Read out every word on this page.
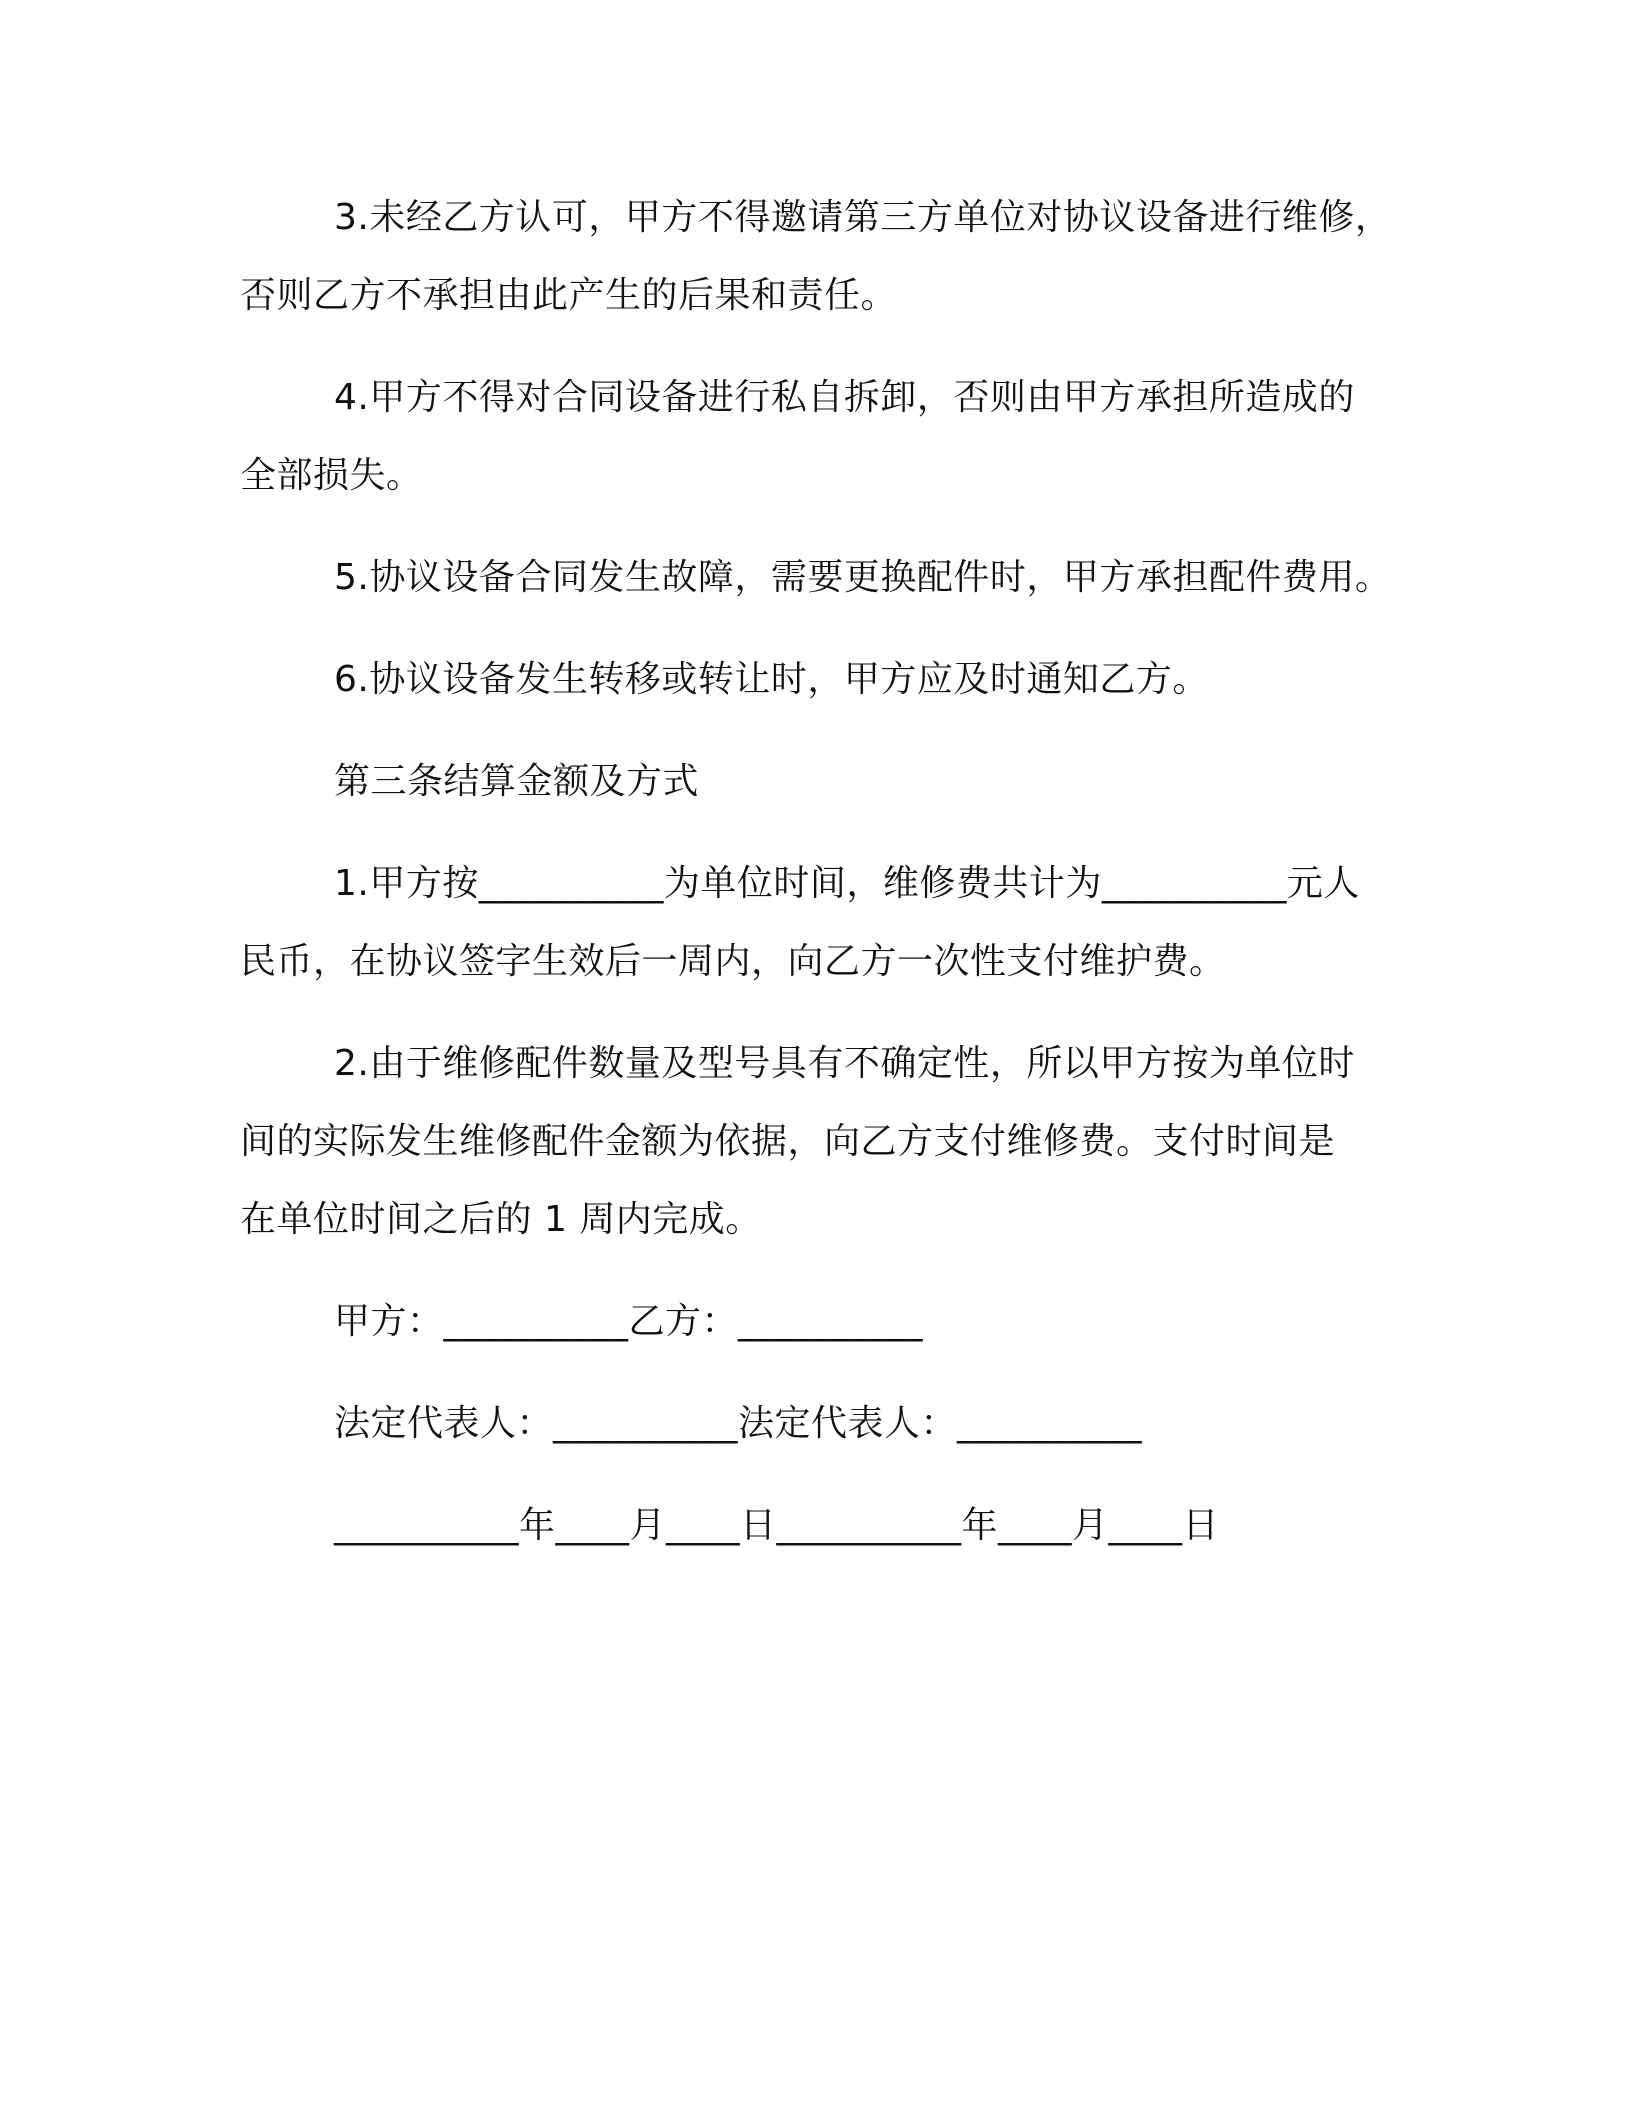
3.未经乙方认可，甲方不得邀请第三方单位对协议设备进行维修，

否则乙方不承担由此产生的后果和责任。

4.甲方不得对合同设备进行私自拆卸，否则由甲方承担所造成的

全部损失。

5.协议设备合同发生故障，需要更换配件时，甲方承担配件费用。

6.协议设备发生转移或转让时，甲方应及时通知乙方。

第三条结算金额及方式

1.甲方按__________为单位时间，维修费共计为__________元人

民币，在协议签字生效后一周内，向乙方一次性支付维护费。

2.由于维修配件数量及型号具有不确定性，所以甲方按为单位时

间的实际发生维修配件金额为依据，向乙方支付维修费。支付时间是

在单位时间之后的 1 周内完成。

甲方：__________乙方：__________

法定代表人：__________法定代表人：__________

__________年____月____日__________年____月____日
